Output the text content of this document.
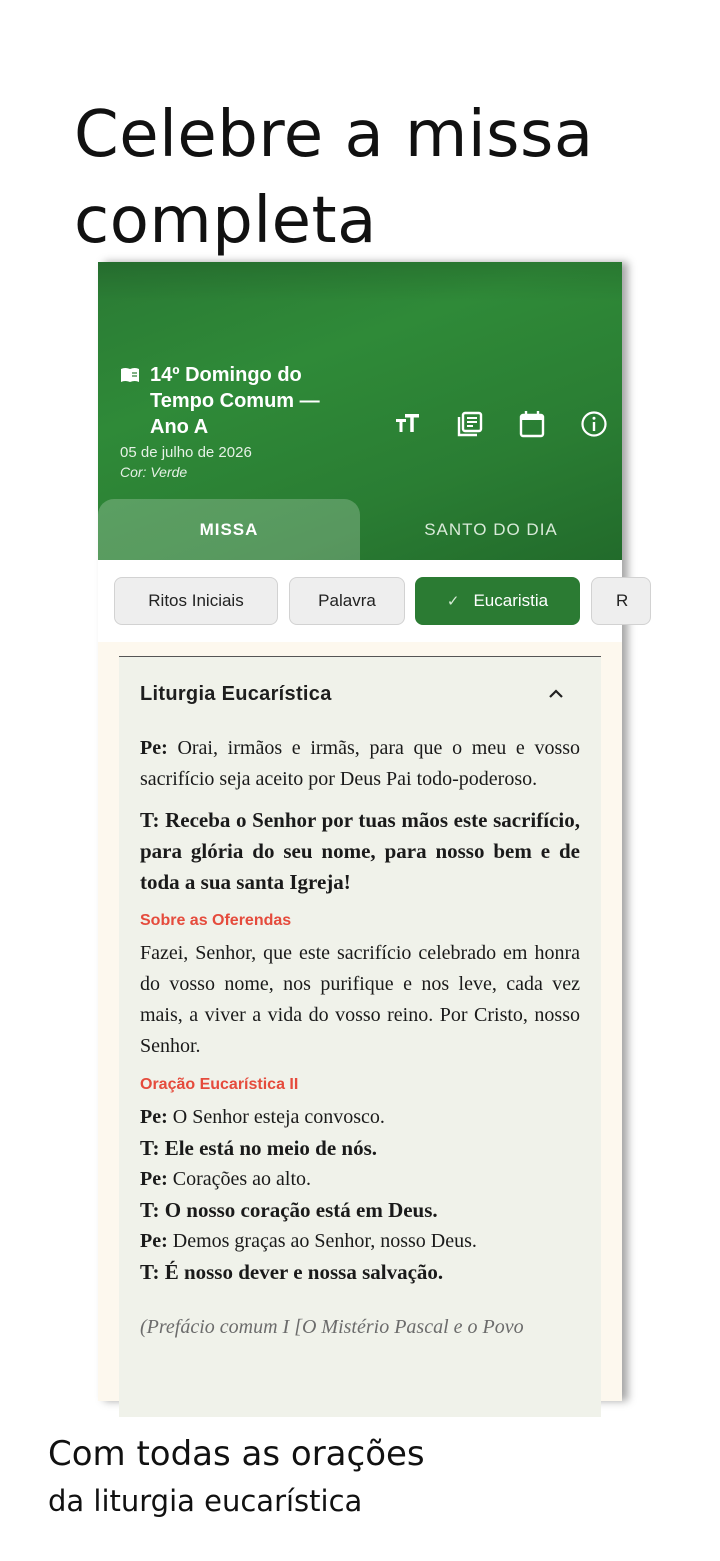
Celebre a missa completa
14º Domingo do Tempo Comum — Ano A
05 de julho de 2026
Cor: Verde
MISSA	SANTO DO DIA
Ritos Iniciais	Palavra	✓ Eucaristia	R
Liturgia Eucarística

Pe: Orai, irmãos e irmãs, para que o meu e vosso sacrifício seja aceito por Deus Pai todo-poderoso.

T: Receba o Senhor por tuas mãos este sacrifício, para glória do seu nome, para nosso bem e de toda a sua santa Igreja!

Sobre as Oferendas

Fazei, Senhor, que este sacrifício celebrado em honra do vosso nome, nos purifique e nos leve, cada vez mais, a viver a vida do vosso reino. Por Cristo, nosso Senhor.

Oração Eucarística II

Pe: O Senhor esteja convosco.

T: Ele está no meio de nós.

Pe: Corações ao alto.

T: O nosso coração está em Deus.

Pe: Demos graças ao Senhor, nosso Deus.

T: É nosso dever e nossa salvação.

(Prefácio comum I [O Mistério Pascal e o Povo

Com todas as orações

da liturgia eucarística
